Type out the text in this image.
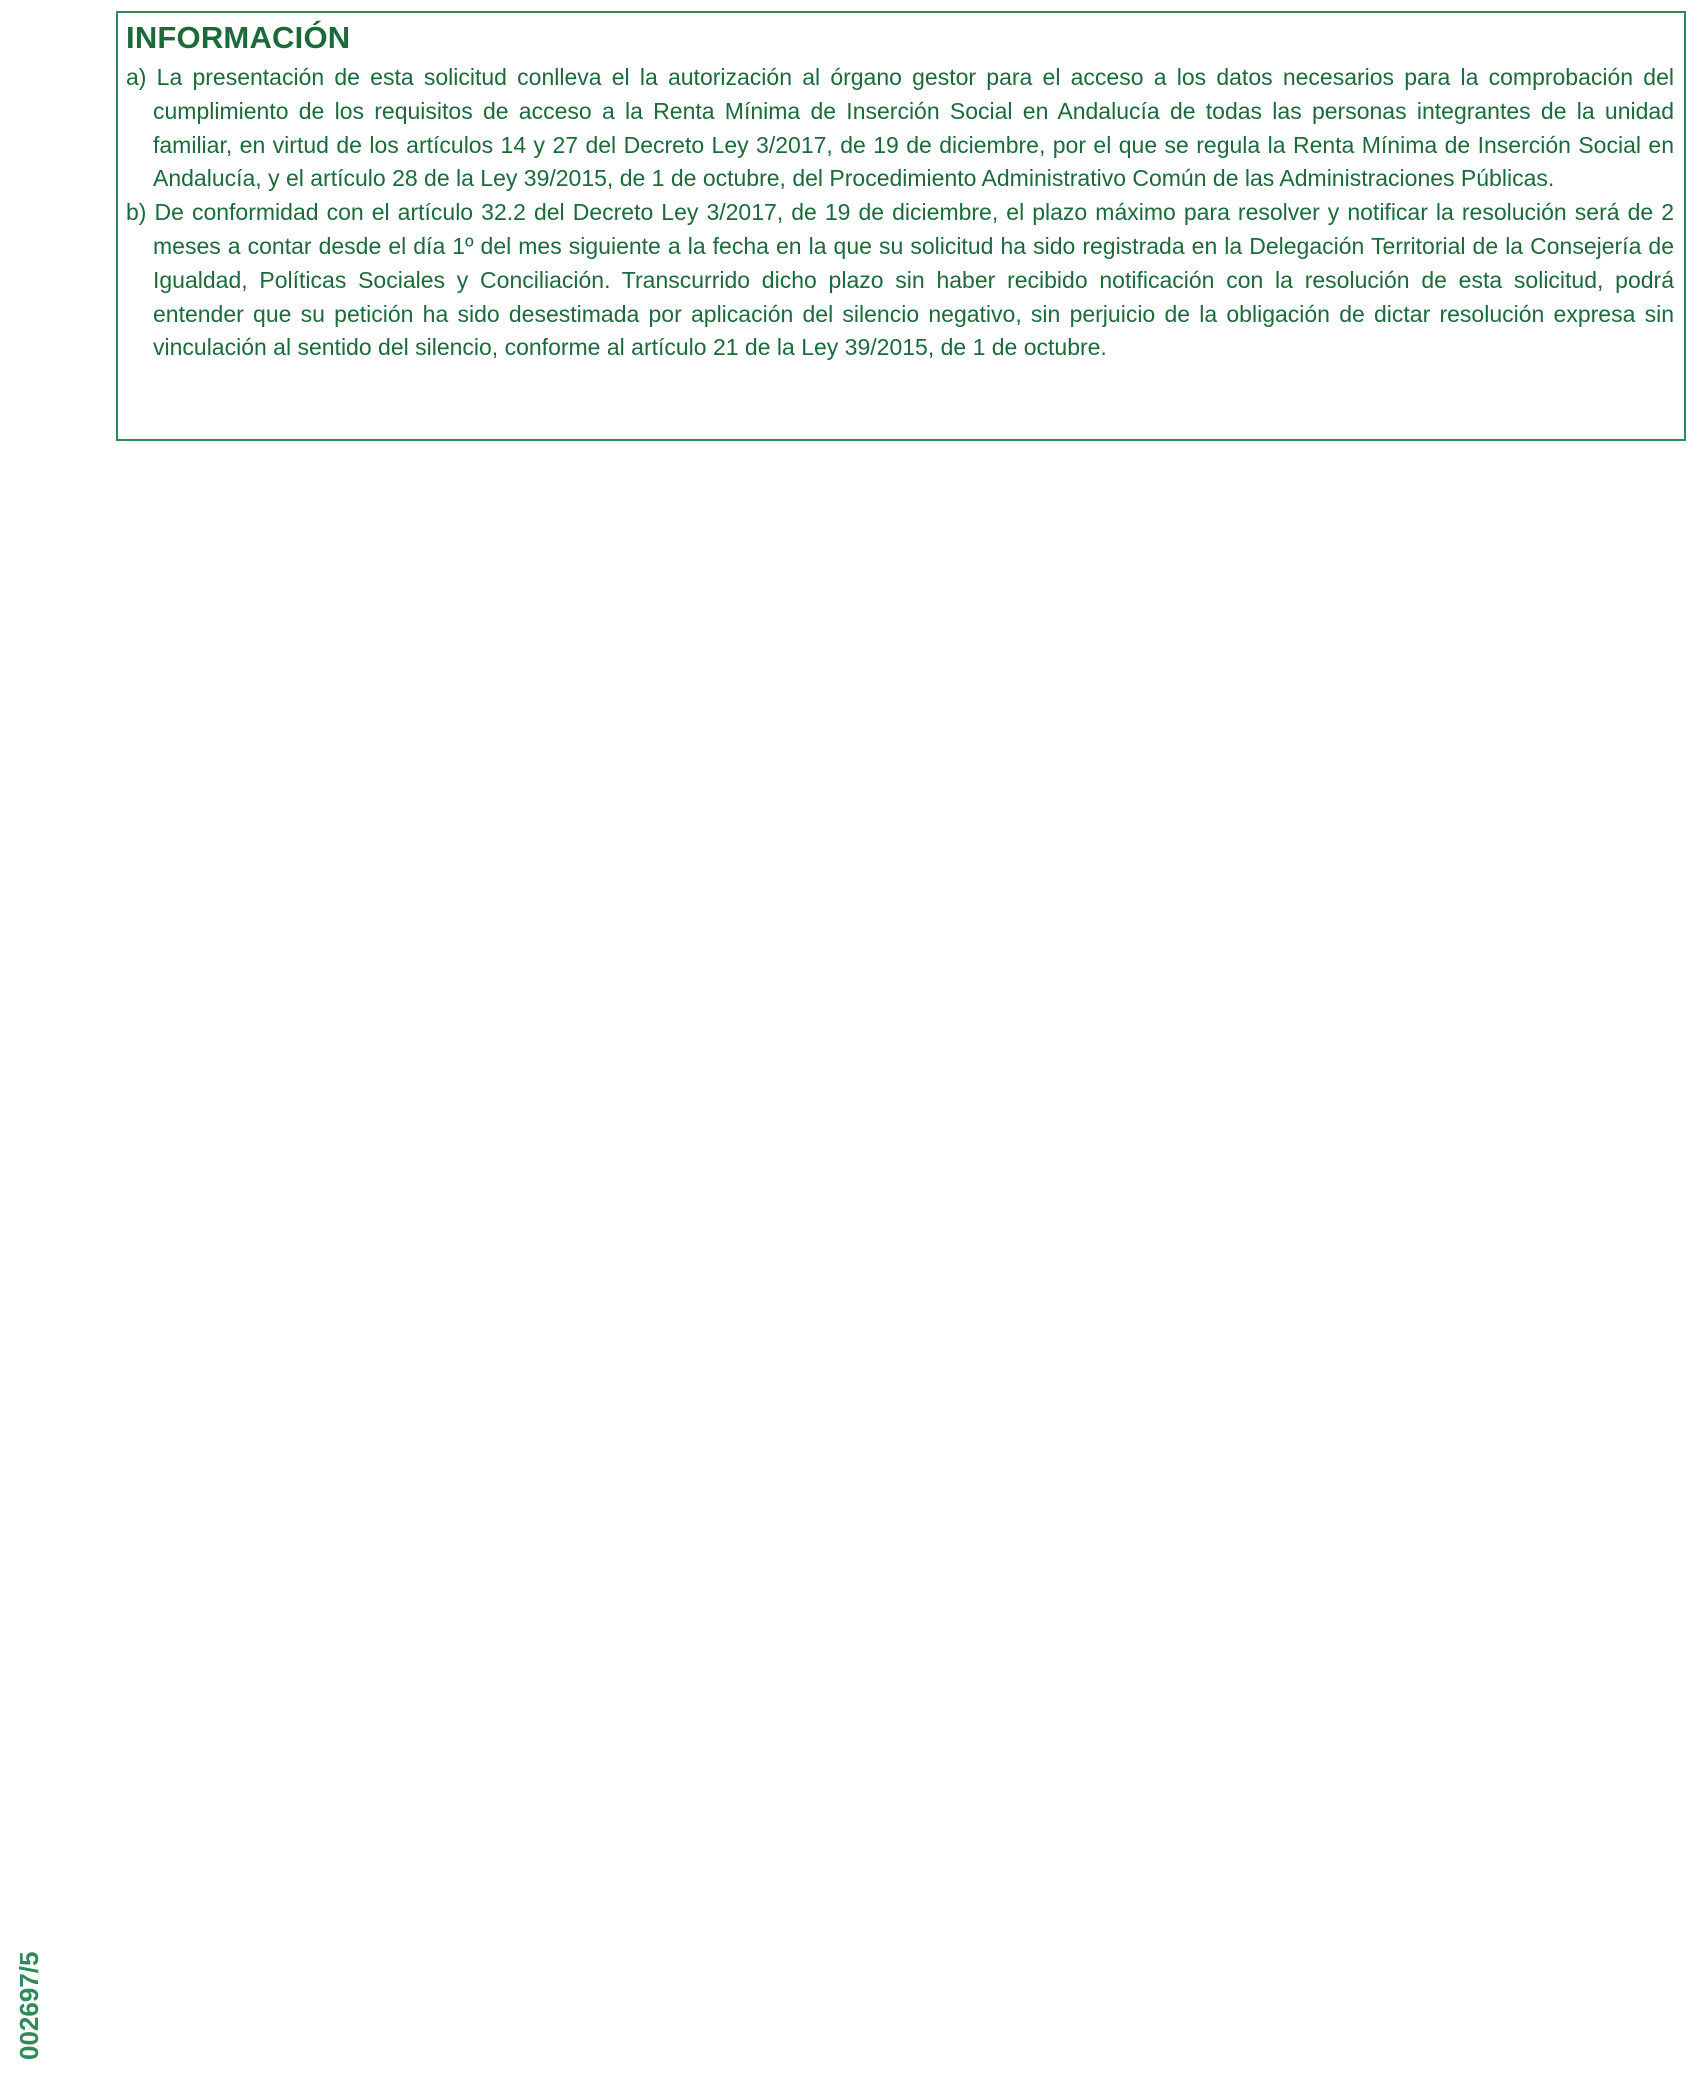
INFORMACIÓN

a) La presentación de esta solicitud conlleva el la autorización al órgano gestor para el acceso a los datos necesarios para la comprobación del cumplimiento de los requisitos de acceso a la Renta Mínima de Inserción Social en Andalucía de todas las personas integrantes de la unidad familiar, en virtud de los artículos 14 y 27 del Decreto Ley 3/2017, de 19 de diciembre, por el que se regula la Renta Mínima de Inserción Social en Andalucía, y el artículo 28 de la Ley 39/2015, de 1 de octubre, del Procedimiento Administrativo Común de las Administraciones Públicas.

b) De conformidad con el artículo 32.2 del Decreto Ley 3/2017, de 19 de diciembre, el plazo máximo para resolver y notificar la resolución será de 2 meses a contar desde el día 1º del mes siguiente a la fecha en la que su solicitud ha sido registrada en la Delegación Territorial de la Consejería de Igualdad, Políticas Sociales y Conciliación. Transcurrido dicho plazo sin haber recibido notificación con la resolución de esta solicitud, podrá entender que su petición ha sido desestimada por aplicación del silencio negativo, sin perjuicio de la obligación de dictar resolución expresa sin vinculación al sentido del silencio, conforme al artículo 21 de la Ley 39/2015, de 1 de octubre.

002697/5
